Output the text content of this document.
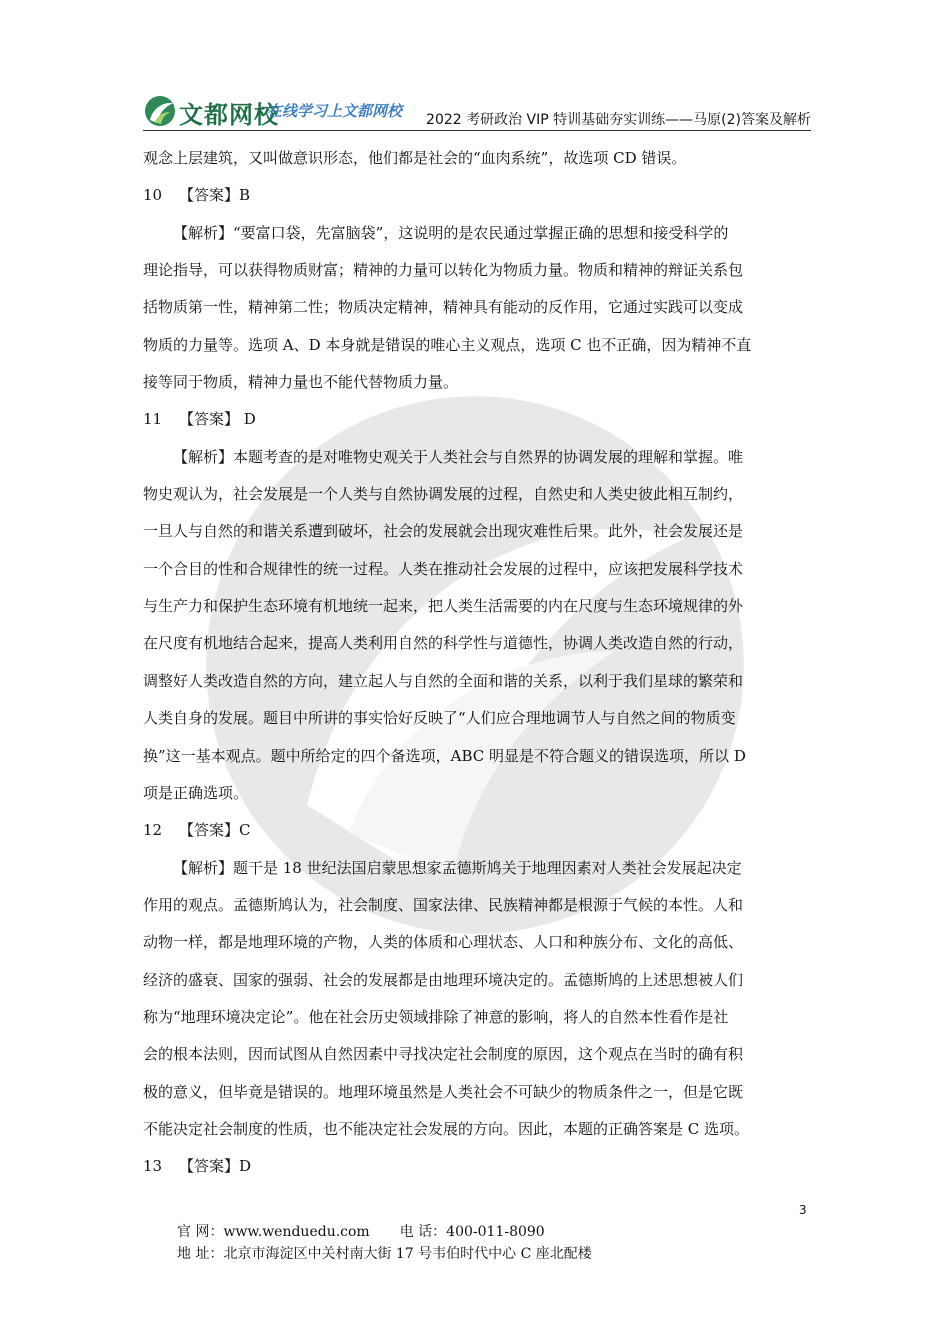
文都网校
在线学习上文都网校 2022 考研政治 VIP 特训基础夯实训练——马原(2)答案及解析
观念上层建筑，又叫做意识形态，他们都是社会的“血肉系统”，故选项 CD 错误。
10 【答案】B
【解析】“要富口袋，先富脑袋”，这说明的是农民通过掌握正确的思想和接受科学的
理论指导，可以获得物质财富；精神的力量可以转化为物质力量。物质和精神的辩证关系包
括物质第一性，精神第二性；物质决定精神，精神具有能动的反作用，它通过实践可以变成
物质的力量等。选项 A、D 本身就是错误的唯心主义观点，选项 C 也不正确，因为精神不直
接等同于物质，精神力量也不能代替物质力量。
11 【答案】 D
【解析】本题考查的是对唯物史观关于人类社会与自然界的协调发展的理解和掌握。唯
物史观认为，社会发展是一个人类与自然协调发展的过程，自然史和人类史彼此相互制约，
一旦人与自然的和谐关系遭到破坏，社会的发展就会出现灾难性后果。此外，社会发展还是
一个合目的性和合规律性的统一过程。人类在推动社会发展的过程中，应该把发展科学技术
与生产力和保护生态环境有机地统一起来，把人类生活需要的内在尺度与生态环境规律的外
在尺度有机地结合起来，提高人类利用自然的科学性与道德性，协调人类改造自然的行动，
调整好人类改造自然的方向，建立起人与自然的全面和谐的关系，以利于我们星球的繁荣和
人类自身的发展。题目中所讲的事实恰好反映了“人们应合理地调节人与自然之间的物质变
换”这一基本观点。题中所给定的四个备选项，ABC 明显是不符合题义的错误选项，所以 D
项是正确选项。
12 【答案】C
【解析】题干是 18 世纪法国启蒙思想家孟德斯鸠关于地理因素对人类社会发展起决定
作用的观点。孟德斯鸠认为，社会制度、国家法律、民族精神都是根源于气候的本性。人和
动物一样，都是地理环境的产物，人类的体质和心理状态、人口和种族分布、文化的高低、
经济的盛衰、国家的强弱、社会的发展都是由地理环境决定的。孟德斯鸠的上述思想被人们
称为“地理环境决定论”。他在社会历史领域排除了神意的影响，将人的自然本性看作是社
会的根本法则，因而试图从自然因素中寻找决定社会制度的原因，这个观点在当时的确有积
极的意义，但毕竟是错误的。地理环境虽然是人类社会不可缺少的物质条件之一，但是它既
不能决定社会制度的性质，也不能决定社会发展的方向。因此，本题的正确答案是 C 选项。
13 【答案】D
3
官 网：www.wenduedu.com 电 话：400-011-8090
地 址：北京市海淀区中关村南大街 17 号韦伯时代中心 C 座北配楼
